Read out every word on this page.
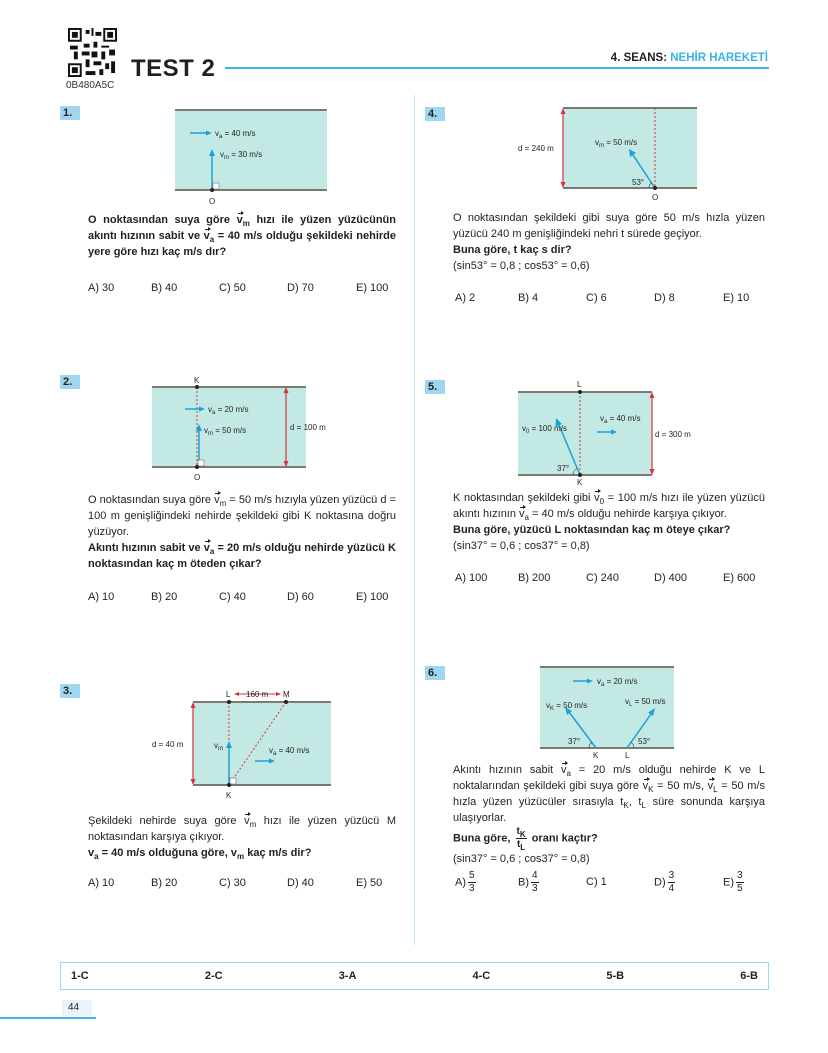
0B480A5C
TEST 2	4. SEANS: NEHİR HAREKETİ
1.
$v_a = 40$ m/s
$v_m = 30$ m/s
O

O noktasından suya göre $v_m$ hızı ile yüzen yüzücünün akıntı hızının sabit ve $v_a = 40$ m/s olduğu şekildeki nehirde yere göre hızı kaç m/s dır?

A) 30	B) 40	C) 50	D) 70	E) 100
2.
$v_a = 20$ m/s
$v_m = 50$ m/s	d = 100 m
K
O

O noktasından suya göre $v_m = 50$ m/s hızıyla yüzen yüzücü d = 100 m genişliğindeki nehirde şekildeki gibi K noktasına doğru yüzüyor.

Akıntı hızının sabit ve $v_a = 20$ m/s olduğu nehirde yüzücü K noktasından kaç m öteden çıkar?

A) 10	B) 20	C) 40	D) 60	E) 100
3.	160 m
L	M
$v_m$	$v_a = 40$ m/s
d = 40 m
K

Şekildeki nehirde suya göre $v_m$ hızı ile yüzen yüzücü M noktasından karşıya çıkıyor.

$v_a = 40$ m/s olduğuna göre, $v_m$ kaç m/s dir?

A) 10	B) 20	C) 30	D) 40	E) 50
4.
d = 240 m
$v_m = 50$ m/s
53°
O

O noktasından şekildeki gibi suya göre 50 m/s hızla yüzen yüzücü 240 m genişliğindeki nehri t sürede geçiyor.

Buna göre, t kaç s dir?

(sin53° = 0,8 ; cos53° = 0,6)

A) 2	B) 4	C) 6	D) 8	E) 10
5.
$v_0 = 100$ m/s
$v_a = 40$ m/s
37°
d = 300 m
L
K

K noktasından şekildeki gibi $v_0 = 100$ m/s hızı ile yüzen yüzücü akıntı hızının $v_a = 40$ m/s olduğu nehirde karşıya çıkıyor.

Buna göre, yüzücü L noktasından kaç m öteye çıkar?

(sin37° = 0,6 ; cos37° = 0,8)

A) 100	B) 200	C) 240	D) 400	E) 600
6.
$v_a = 20$ m/s
$v_K = 50$ m/s	$v_L = 50$ m/s
37°	53°
K	L

Akıntı hızının sabit $v_a = 20$ m/s olduğu nehirde K ve L noktalarından şekildeki gibi suya göre $v_K = 50$ m/s, $v_L = 50$ m/s hızla yüzen yüzücüler sırasıyla $t_K$, $t_L$ süre sonunda karşıya ulaşıyorlar.

Buna göre, $\frac{t_K}{t_L}$ oranı kaçtır?

(sin37° = 0,6 ; cos37° = 0,8)

$A) \frac{5}{3}$	$B) \frac{4}{3}$	C) 1	$D) \frac{3}{4}$	$E) \frac{3}{5}$
1-C	2-C	3-A	4-C	5-B	6-B
44
